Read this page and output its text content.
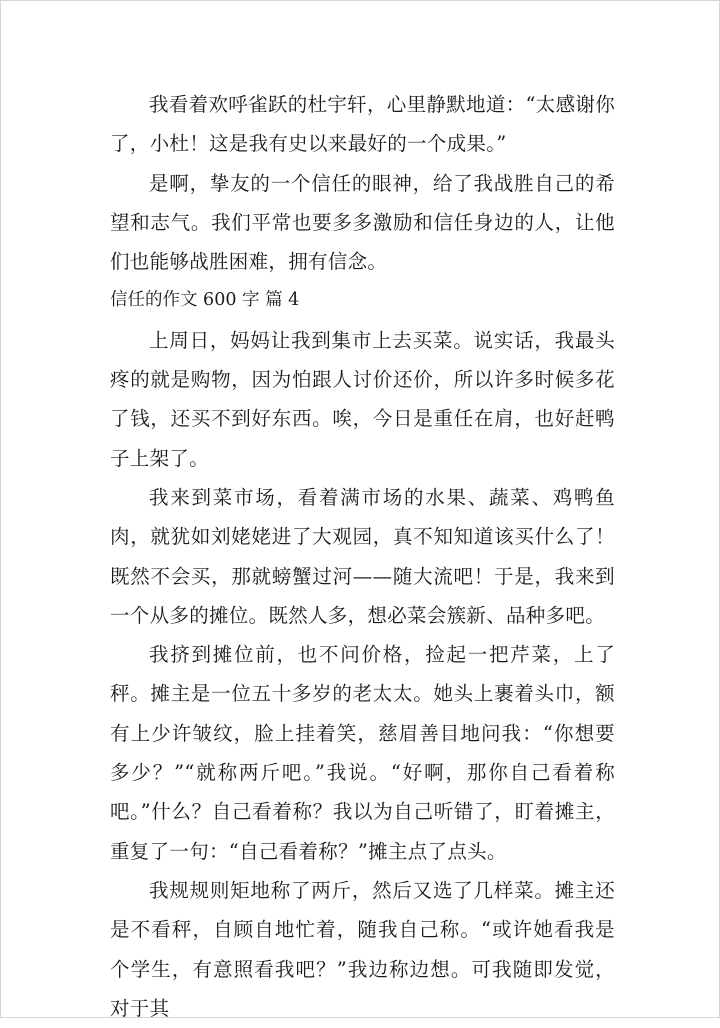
我看着欢呼雀跃的杜宇轩，心里静默地道：“太感谢你了，小杜！这是我有史以来最好的一个成果。”

是啊，挚友的一个信任的眼神，给了我战胜自己的希望和志气。我们平常也要多多激励和信任身边的人，让他们也能够战胜困难，拥有信念。

信任的作文 600 字 篇 4

上周日，妈妈让我到集市上去买菜。说实话，我最头疼的就是购物，因为怕跟人讨价还价，所以许多时候多花了钱，还买不到好东西。唉，今日是重任在肩，也好赶鸭子上架了。

我来到菜市场，看着满市场的水果、蔬菜、鸡鸭鱼肉，就犹如刘姥姥进了大观园，真不知知道该买什么了！既然不会买，那就螃蟹过河——随大流吧！于是，我来到一个从多的摊位。既然人多，想必菜会簇新、品种多吧。

我挤到摊位前，也不问价格，捡起一把芹菜，上了秤。摊主是一位五十多岁的老太太。她头上裹着头巾，额有上少许皱纹，脸上挂着笑，慈眉善目地问我：“你想要多少？”“就称两斤吧。”我说。“好啊，那你自己看着称吧。”什么？自己看着称？我以为自己听错了，盯着摊主，重复了一句：“自己看着称？”摊主点了点头。

我规规则矩地称了两斤，然后又选了几样菜。摊主还是不看秤，自顾自地忙着，随我自己称。“或许她看我是个学生，有意照看我吧？”我边称边想。可我随即发觉，对于其
